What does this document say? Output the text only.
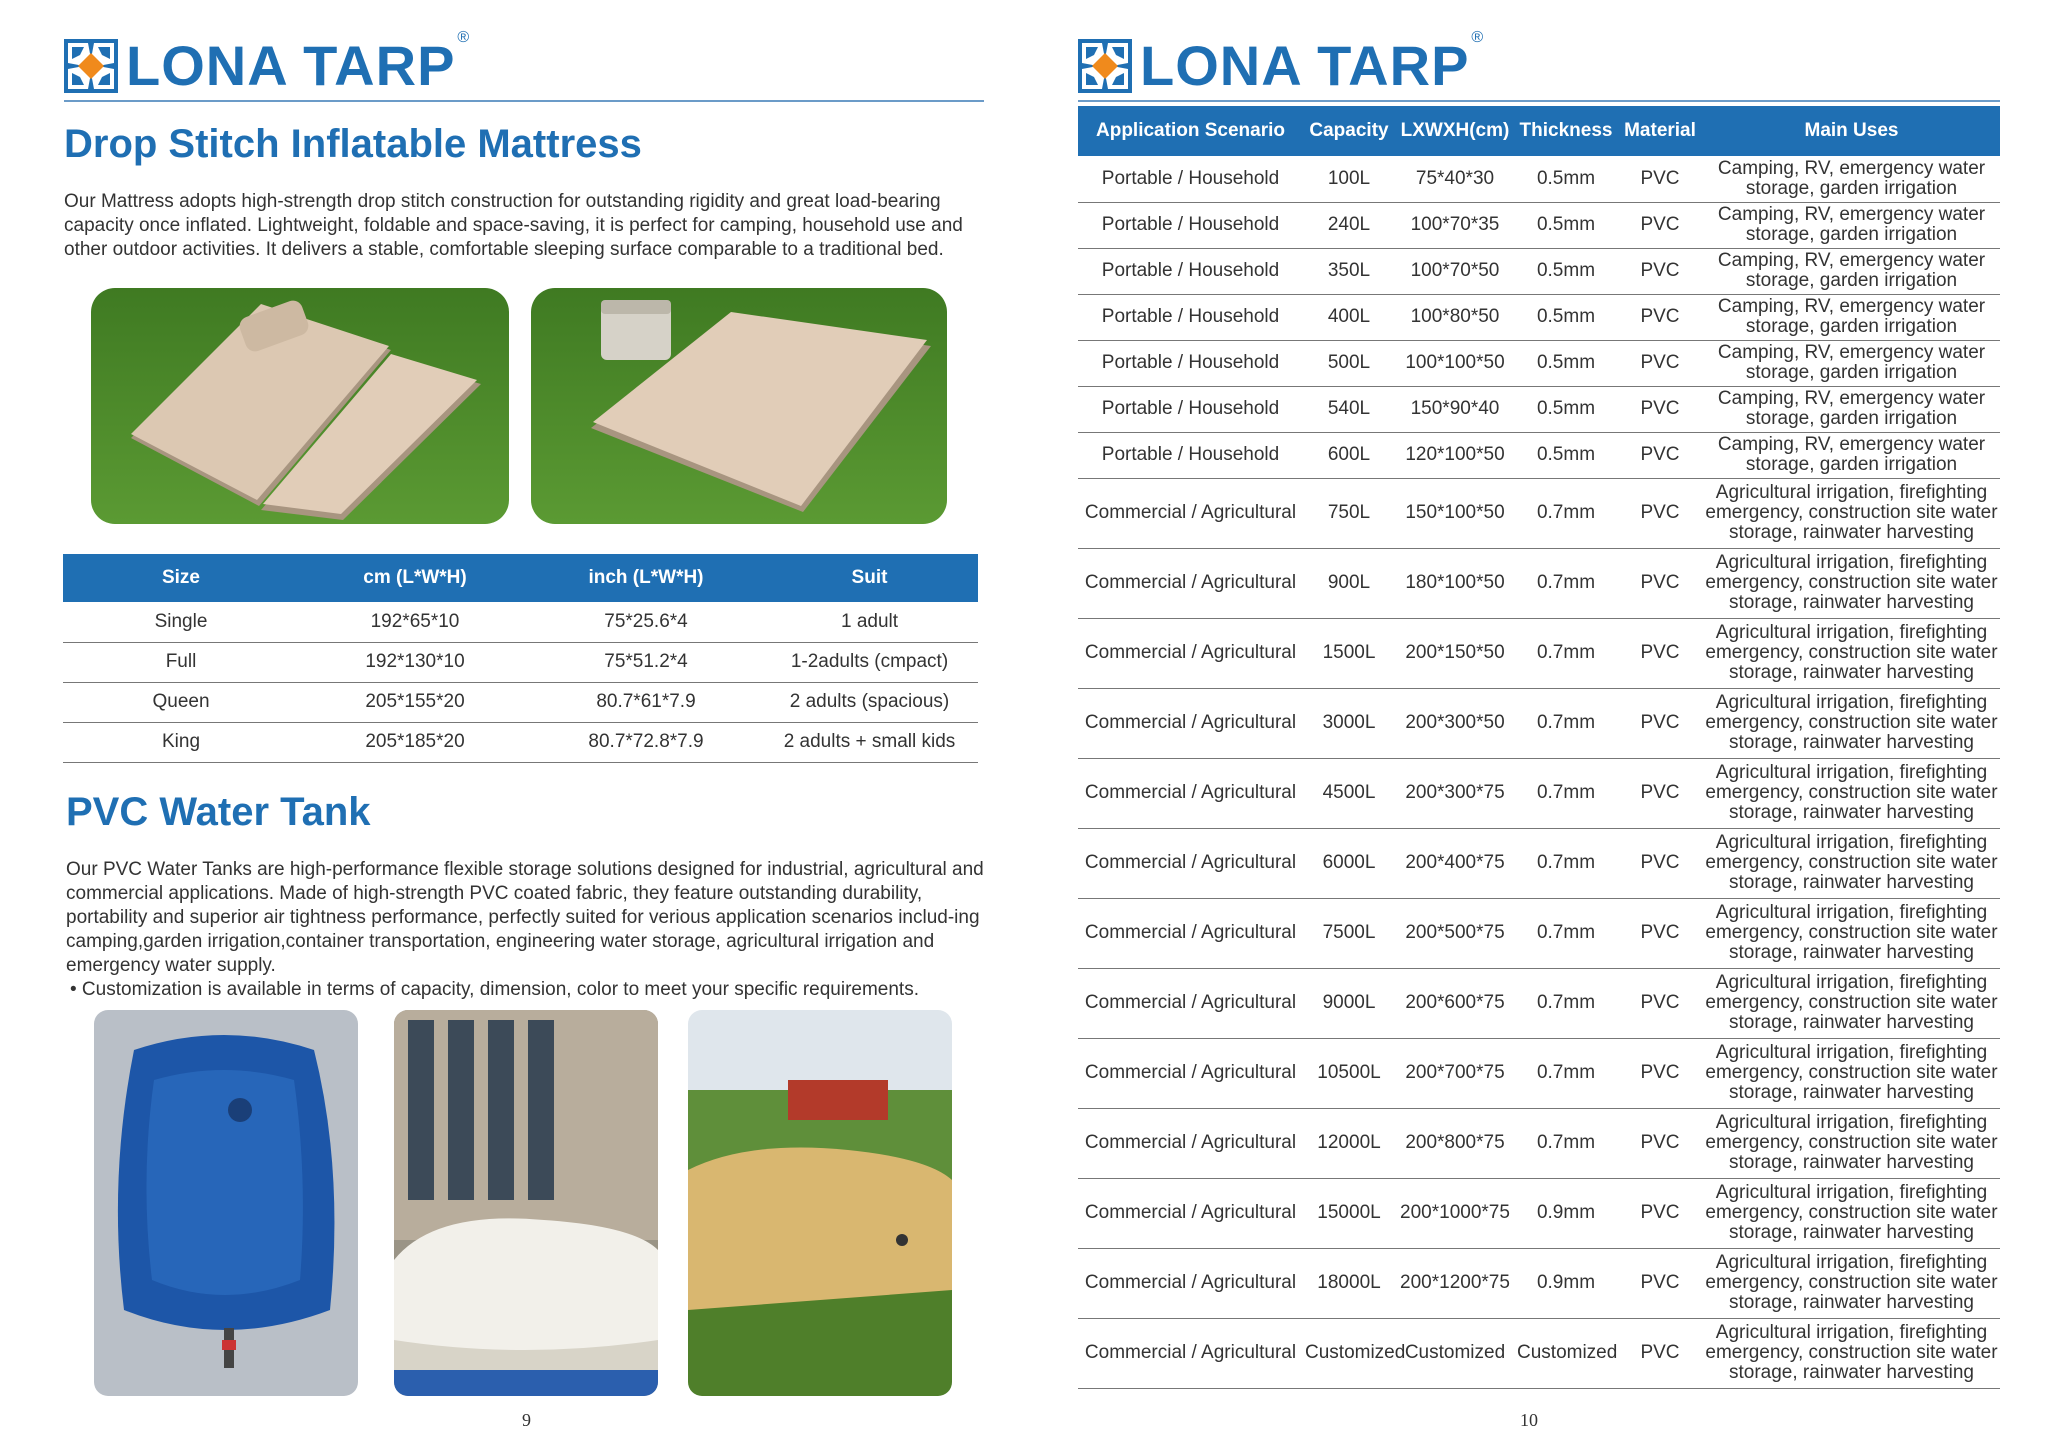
LONA TARP ®
Drop Stitch Inflatable Mattress

Our Mattress adopts high-strength drop stitch construction for outstanding rigidity and great load-bearing capacity once inflated. Lightweight, foldable and space-saving, it is perfect for camping, household use and other outdoor activities. It delivers a stable, comfortable sleeping surface comparable to a traditional bed.

Size	cm (L*W*H)	inch (L*W*H)	Suit
Single	192*65*10	75*25.6*4	1 adult
Full	192*130*10	75*51.2*4	1-2adults (cmpact)
Queen	205*155*20	80.7*61*7.9	2 adults (spacious)
King	205*185*20	80.7*72.8*7.9	2 adults + small kids
PVC Water Tank

Our PVC Water Tanks are high-performance flexible storage solutions designed for industrial, agricultural and commercial applications. Made of high-strength PVC coated fabric, they feature outstanding durability, portability and superior air tightness performance, perfectly suited for verious application scenarios includ-ing camping,garden irrigation,container transportation, engineering water storage, agricultural irrigation and emergency water supply.

• Customization is available in terms of capacity, dimension, color to meet your specific requirements.

9
LONA TARP ®
Application Scenario	Capacity	LXWXH(cm)	Thickness	Material	Main Uses
Portable / Household	100L	75*40*30	0.5mm	PVC	Camping, RV, emergency water storage, garden irrigation
Portable / Household	240L	100*70*35	0.5mm	PVC	Camping, RV, emergency water storage, garden irrigation
Portable / Household	350L	100*70*50	0.5mm	PVC	Camping, RV, emergency water storage, garden irrigation
Portable / Household	400L	100*80*50	0.5mm	PVC	Camping, RV, emergency water storage, garden irrigation
Portable / Household	500L	100*100*50	0.5mm	PVC	Camping, RV, emergency water storage, garden irrigation
Portable / Household	540L	150*90*40	0.5mm	PVC	Camping, RV, emergency water storage, garden irrigation
Portable / Household	600L	120*100*50	0.5mm	PVC	Camping, RV, emergency water storage, garden irrigation
Commercial / Agricultural	750L	150*100*50	0.7mm	PVC	Agricultural irrigation, firefighting emergency, construction site water storage, rainwater harvesting
Commercial / Agricultural	900L	180*100*50	0.7mm	PVC	Agricultural irrigation, firefighting emergency, construction site water storage, rainwater harvesting
Commercial / Agricultural	1500L	200*150*50	0.7mm	PVC	Agricultural irrigation, firefighting emergency, construction site water storage, rainwater harvesting
Commercial / Agricultural	3000L	200*300*50	0.7mm	PVC	Agricultural irrigation, firefighting emergency, construction site water storage, rainwater harvesting
Commercial / Agricultural	4500L	200*300*75	0.7mm	PVC	Agricultural irrigation, firefighting emergency, construction site water storage, rainwater harvesting
Commercial / Agricultural	6000L	200*400*75	0.7mm	PVC	Agricultural irrigation, firefighting emergency, construction site water storage, rainwater harvesting
Commercial / Agricultural	7500L	200*500*75	0.7mm	PVC	Agricultural irrigation, firefighting emergency, construction site water storage, rainwater harvesting
Commercial / Agricultural	9000L	200*600*75	0.7mm	PVC	Agricultural irrigation, firefighting emergency, construction site water storage, rainwater harvesting
Commercial / Agricultural	10500L	200*700*75	0.7mm	PVC	Agricultural irrigation, firefighting emergency, construction site water storage, rainwater harvesting
Commercial / Agricultural	12000L	200*800*75	0.7mm	PVC	Agricultural irrigation, firefighting emergency, construction site water storage, rainwater harvesting
Commercial / Agricultural	15000L	200*1000*75	0.9mm	PVC	Agricultural irrigation, firefighting emergency, construction site water storage, rainwater harvesting
Commercial / Agricultural	18000L	200*1200*75	0.9mm	PVC	Agricultural irrigation, firefighting emergency, construction site water storage, rainwater harvesting
Commercial / Agricultural	Customized	Customized	Customized	PVC	Agricultural irrigation, firefighting emergency, construction site water storage, rainwater harvesting
10
